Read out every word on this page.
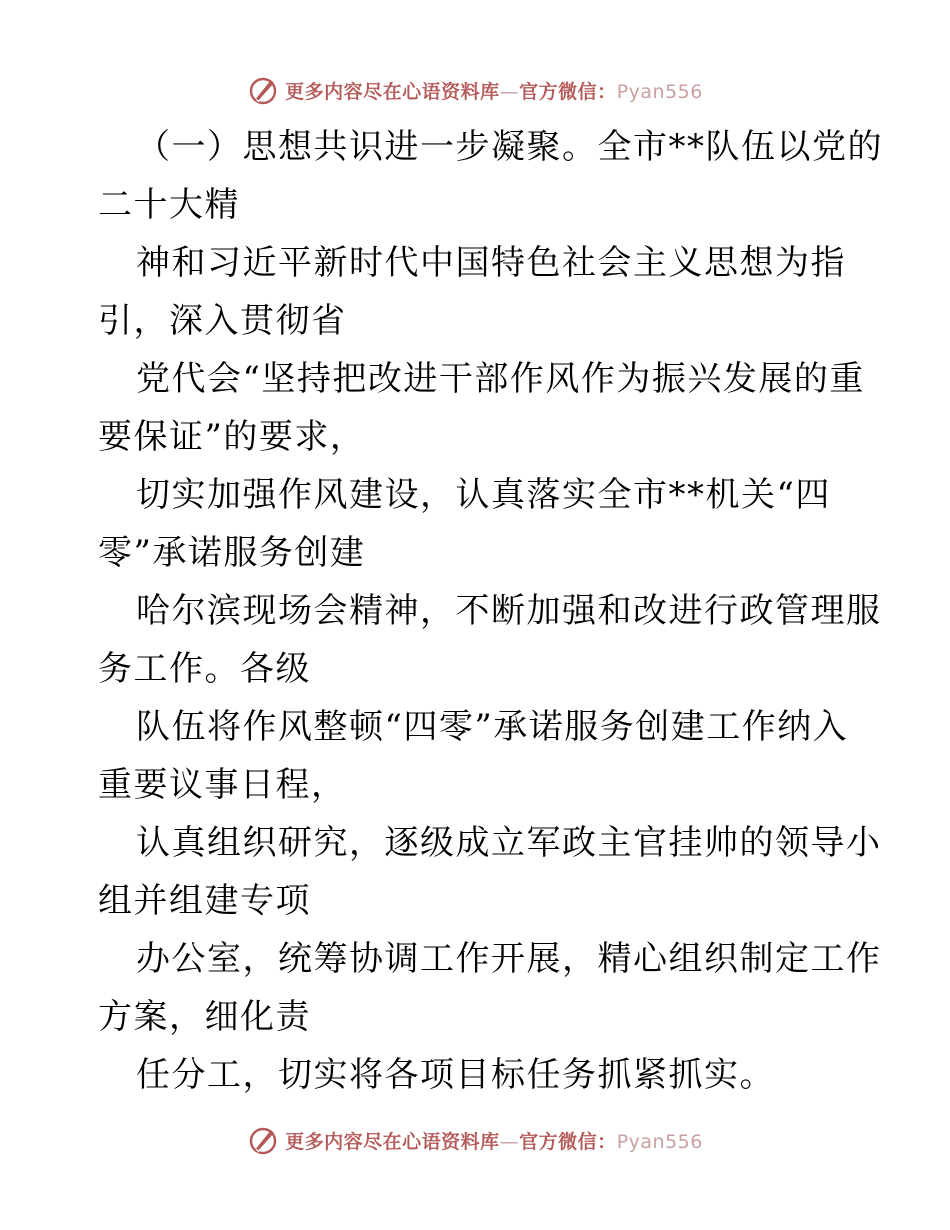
更多内容尽在心语资料库—官方微信：Pyan556
（一）思想共识进一步凝聚。全市**队伍以党的
二十大精
神和习近平新时代中国特色社会主义思想为指
引，深入贯彻省
党代会“坚持把改进干部作风作为振兴发展的重
要保证”的要求，
切实加强作风建设，认真落实全市**机关“四
零”承诺服务创建
哈尔滨现场会精神，不断加强和改进行政管理服
务工作。各级
队伍将作风整顿“四零”承诺服务创建工作纳入
重要议事日程，
认真组织研究，逐级成立军政主官挂帅的领导小
组并组建专项
办公室，统筹协调工作开展，精心组织制定工作
方案，细化责
任分工，切实将各项目标任务抓紧抓实。
更多内容尽在心语资料库—官方微信：Pyan556
